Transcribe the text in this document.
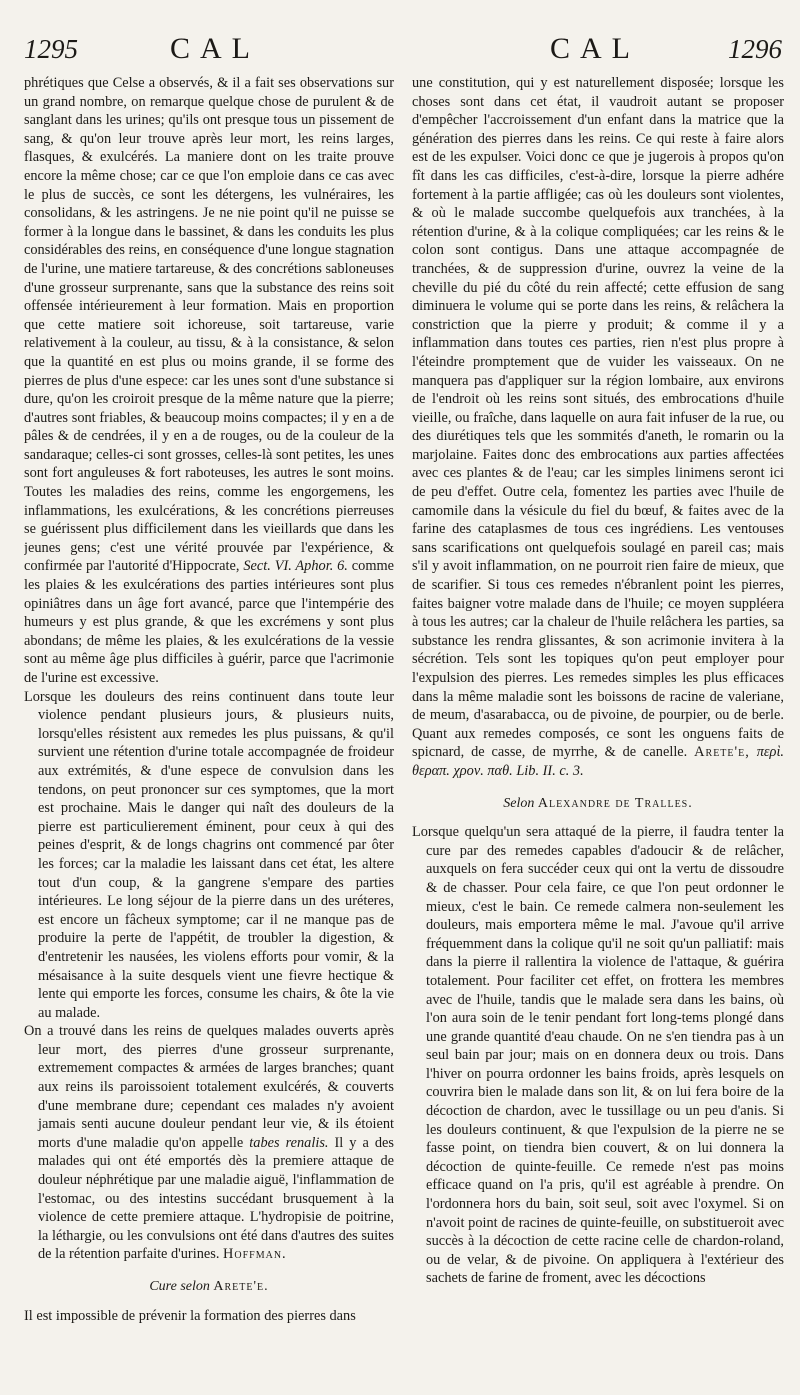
1295	CAL	CAL	1296

phrétiques que Celse a observés, & il a fait ses observations sur un grand nombre, on remarque quelque chose de purulent & de sanglant dans les urines; qu'ils ont presque tous un pissement de sang, & qu'on leur trouve après leur mort, les reins larges, flasques, & exulcérés. La maniere dont on les traite prouve encore la même chose; car ce que l'on emploie dans ce cas avec le plus de succès, ce sont les détergens, les vulnéraires, les consolidans, & les astringens. Je ne nie point qu'il ne puisse se former à la longue dans le bassinet, & dans les conduits les plus considérables des reins, en conséquence d'une longue stagnation de l'urine, une matiere tartareuse, & des concrétions sabloneuses d'une grosseur surprenante, sans que la substance des reins soit offensée intérieurement à leur formation. Mais en proportion que cette matiere soit ichoreuse, soit tartareuse, varie relativement à la couleur, au tissu, & à la consistance, & selon que la quantité en est plus ou moins grande, il se forme des pierres de plus d'une espece: car les unes sont d'une substance si dure, qu'on les croiroit presque de la même nature que la pierre; d'autres sont friables, & beaucoup moins compactes; il y en a de pâles & de cendrées, il y en a de rouges, ou de la couleur de la sandaraque; celles-ci sont grosses, celles-là sont petites, les unes sont fort anguleuses & fort raboteuses, les autres le sont moins. Toutes les maladies des reins, comme les engorgemens, les inflammations, les exulcérations, & les concrétions pierreuses se guérissent plus difficilement dans les vieillards que dans les jeunes gens; c'est une vérité prouvée par l'expérience, & confirmée par l'autorité d'Hippocrate, Sect. VI. Aphor. 6. comme les plaies & les exulcérations des parties intérieures sont plus opiniâtres dans un âge fort avancé, parce que l'intempérie des humeurs y est plus grande, & que les excrémens y sont plus abondans; de même les plaies, & les exulcérations de la vessie sont au même âge plus difficiles à guérir, parce que l'acrimonie de l'urine est excessive.

Lorsque les douleurs des reins continuent dans toute leur violence pendant plusieurs jours, & plusieurs nuits, lorsqu'elles résistent aux remedes les plus puissans, & qu'il survient une rétention d'urine totale accompagnée de froideur aux extrémités, & d'une espece de convulsion dans les tendons, on peut prononcer sur ces symptomes, que la mort est prochaine. Mais le danger qui naît des douleurs de la pierre est particulierement éminent, pour ceux à qui des peines d'esprit, & de longs chagrins ont commencé par ôter les forces; car la maladie les laissant dans cet état, les altere tout d'un coup, & la gangrene s'empare des parties intérieures. Le long séjour de la pierre dans un des uréteres, est encore un fâcheux symptome; car il ne manque pas de produire la perte de l'appétit, de troubler la digestion, & d'entretenir les nausées, les violens efforts pour vomir, & la mésaisance à la suite desquels vient une fievre hectique & lente qui emporte les forces, consume les chairs, & ôte la vie au malade.

On a trouvé dans les reins de quelques malades ouverts après leur mort, des pierres d'une grosseur surprenante, extremement compactes & armées de larges branches; quant aux reins ils paroissoient totalement exulcérés, & couverts d'une membrane dure; cependant ces malades n'y avoient jamais senti aucune douleur pendant leur vie, & ils étoient morts d'une maladie qu'on appelle tabes renalis. Il y a des malades qui ont été emportés dès la premiere attaque de douleur néphrétique par une maladie aiguë, l'inflammation de l'estomac, ou des intestins succédant brusquement à la violence de cette premiere attaque. L'hydropisie de poitrine, la léthargie, ou les convulsions ont été dans d'autres des suites de la rétention parfaite d'urines. Hoffman.

Cure selon Arete'e.

Il est impossible de prévenir la formation des pierres dans

une constitution, qui y est naturellement disposée; lorsque les choses sont dans cet état, il vaudroit autant se proposer d'empêcher l'accroissement d'un enfant dans la matrice que la génération des pierres dans les reins. Ce qui reste à faire alors est de les expulser. Voici donc ce que je jugerois à propos qu'on fît dans les cas difficiles, c'est-à-dire, lorsque la pierre adhére fortement à la partie affligée; cas où les douleurs sont violentes, & où le malade succombe quelquefois aux tranchées, à la rétention d'urine, & à la colique compliquées; car les reins & le colon sont contigus. Dans une attaque accompagnée de tranchées, & de suppression d'urine, ouvrez la veine de la cheville du pié du côté du rein affecté; cette effusion de sang diminuera le volume qui se porte dans les reins, & relâchera la constriction que la pierre y produit; & comme il y a inflammation dans toutes ces parties, rien n'est plus propre à l'éteindre promptement que de vuider les vaisseaux. On ne manquera pas d'appliquer sur la région lombaire, aux environs de l'endroit où les reins sont situés, des embrocations d'huile vieille, ou fraîche, dans laquelle on aura fait infuser de la rue, ou des diurétiques tels que les sommités d'aneth, le romarin ou la marjolaine. Faites donc des embrocations aux parties affectées avec ces plantes & de l'eau; car les simples linimens seront ici de peu d'effet. Outre cela, fomentez les parties avec l'huile de camomile dans la vésicule du fiel du bœuf, & faites avec de la farine des cataplasmes de tous ces ingrédiens. Les ventouses sans scarifications ont quelquefois soulagé en pareil cas; mais s'il y avoit inflammation, on ne pourroit rien faire de mieux, que de scarifier. Si tous ces remedes n'ébranlent point les pierres, faites baigner votre malade dans de l'huile; ce moyen suppléera à tous les autres; car la chaleur de l'huile relâchera les parties, sa substance les rendra glissantes, & son acrimonie invitera à la sécrétion. Tels sont les topiques qu'on peut employer pour l'expulsion des pierres. Les remedes simples les plus efficaces dans la même maladie sont les boissons de racine de valeriane, de meum, d'asarabacca, ou de pivoine, de pourpier, ou de berle. Quant aux remedes composés, ce sont les onguens faits de spicnard, de casse, de myrrhe, & de canelle. Arete'e, περὶ. θεραπ. χρον. παθ. Lib. II. c. 3.

Selon Alexandre de Tralles.

Lorsque quelqu'un sera attaqué de la pierre, il faudra tenter la cure par des remedes capables d'adoucir & de relâcher, auxquels on fera succéder ceux qui ont la vertu de dissoudre & de chasser. Pour cela faire, ce que l'on peut ordonner le mieux, c'est le bain. Ce remede calmera non-seulement les douleurs, mais emportera même le mal. J'avoue qu'il arrive fréquemment dans la colique qu'il ne soit qu'un palliatif: mais dans la pierre il rallentira la violence de l'attaque, & guérira totalement. Pour faciliter cet effet, on frottera les membres avec de l'huile, tandis que le malade sera dans les bains, où l'on aura soin de le tenir pendant fort long-tems plongé dans une grande quantité d'eau chaude. On ne s'en tiendra pas à un seul bain par jour; mais on en donnera deux ou trois. Dans l'hiver on pourra ordonner les bains froids, après lesquels on couvrira bien le malade dans son lit, & on lui fera boire de la décoction de chardon, avec le tussillage ou un peu d'anis. Si les douleurs continuent, & que l'expulsion de la pierre ne se fasse point, on tiendra bien couvert, & on lui donnera la décoction de quinte-feuille. Ce remede n'est pas moins efficace quand on l'a pris, qu'il est agréable à prendre. On l'ordonnera hors du bain, soit seul, soit avec l'oxymel. Si on n'avoit point de racines de quinte-feuille, on substitueroit avec succès à la décoction de cette racine celle de chardon-roland, ou de velar, & de pivoine. On appliquera à l'extérieur des sachets de farine de froment, avec les décoctions
